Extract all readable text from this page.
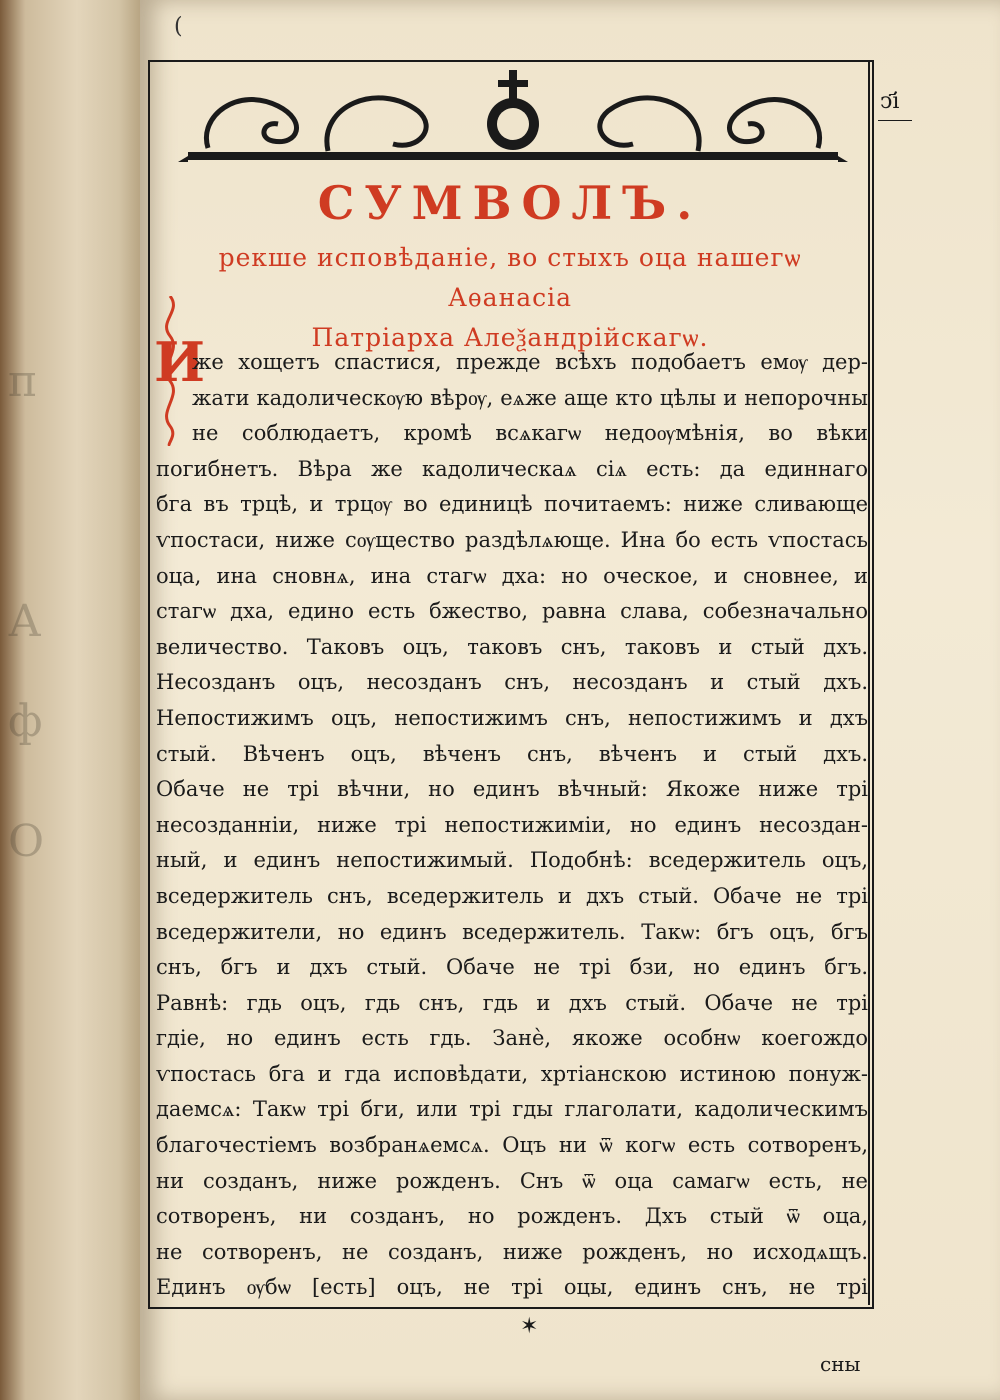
п
А
ф
О
(
ↄ҃і
СУМВОЛЪ.
рекше исповѣданіе, во стыхъ оца нашегѡ Аѳанасіа
Патріарха Алеѯандрійскагѡ.
И
же хощетъ спастися, прежде всѣхъ подобаетъ емѹ дер-
жати кадолическѹю вѣрѹ, еѧже аще кто цѣлы и непорочны
не соблюдаетъ, кромѣ всѧкагѡ недоѹмѣнія, во вѣки
погибнетъ. Вѣра же кадолическаѧ сіѧ есть: да единнаго
бга въ трцѣ, и трцѹ во единицѣ почитаемъ: ниже сливающе
ѵпостаси, ниже сѹщество раздѣлѧюще. Ина бо есть ѵпостась
оца, ина сновнѧ, ина стагѡ дха: но оческое, и сновнее, и
стагѡ дха, едино есть бжество, равна слава, собезначально
величество. Таковъ оцъ, таковъ снъ, таковъ и стый дхъ.
Несозданъ оцъ, несозданъ снъ, несозданъ и стый дхъ.
Непостижимъ оцъ, непостижимъ снъ, непостижимъ и дхъ
стый. Вѣченъ оцъ, вѣченъ снъ, вѣченъ и стый дхъ.
Обаче не трі вѣчни, но единъ вѣчный: Якоже ниже трі
несозданніи, ниже трі непостижиміи, но единъ несоздан-
ный, и единъ непостижимый. Подобнѣ: вседержитель оцъ,
вседержитель снъ, вседержитель и дхъ стый. Обаче не трі
вседержители, но единъ вседержитель. Такѡ: бгъ оцъ, бгъ
снъ, бгъ и дхъ стый. Обаче не трі бзи, но единъ бгъ.
Равнѣ: гдь оцъ, гдь снъ, гдь и дхъ стый. Обаче не трі
гдіе, но единъ есть гдь. Занѐ, якоже особнѡ коегождо
ѵпостась бга и гда исповѣдати, хртіанскою истиною понуж-
даемсѧ: Такѡ трі бги, или трі гды глаголати, кадолическимъ
благочестіемъ возбранѧемсѧ. Оцъ ни ѿ когѡ есть сотворенъ,
ни созданъ, ниже рожденъ. Снъ ѿ оца самагѡ есть, не
сотворенъ, ни созданъ, но рожденъ. Дхъ стый ѿ оца,
не сотворенъ, не созданъ, ниже рожденъ, но исходѧщъ.
Единъ ѹбѡ [есть] оцъ, не трі оцы, единъ снъ, не трі
✶
сны
